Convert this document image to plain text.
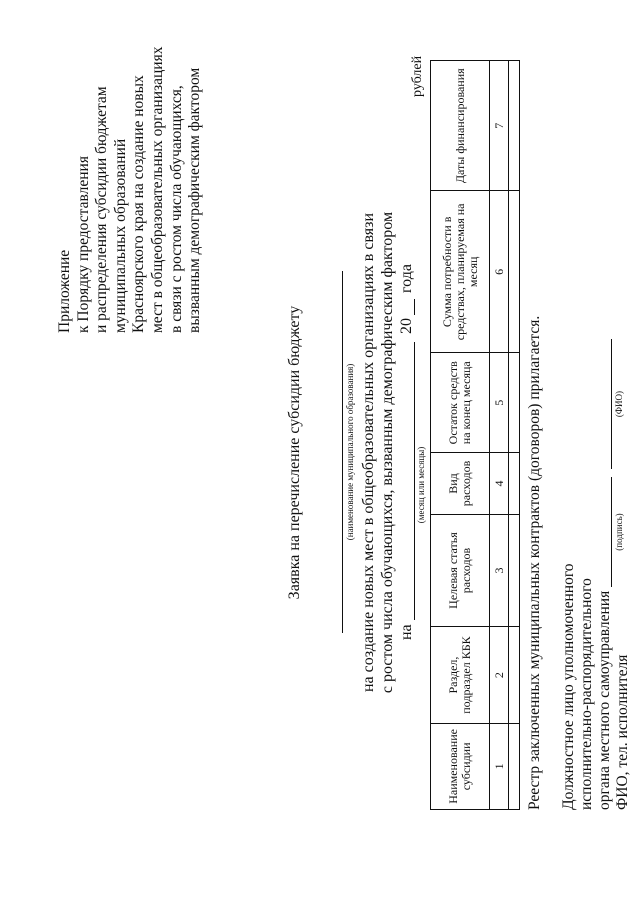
Приложение к Порядку предоставления и распределения субсидии бюджетам муниципальных образований Красноярского края на создание новых мест в общеобразовательных организациях в связи с ростом числа обучающихся, вызванным демографическим фактором
Заявка на перечисление субсидии бюджету	(наименование муниципального образования) на создание новых мест в общеобразовательных организациях в связи с ростом числа обучающихся, вызванным демографическим фактором на
20
года
(месяц или месяцы)
рублей
Наименование субсидии	Раздел, подраздел КБК	Целевая статья расходов	Вид расходов	Остаток средств на конец месяца	Сумма потребности в средствах, планируемая на месяц	Даты финансирования
1	2	3	4	5	6	7

Реестр заключенных муниципальных контрактов (договоров) прилагается. Должностное лицо уполномоченного исполнительно-распорядительного органа местного самоуправления
(подпись)
(ФИО)
ФИО, тел. исполнителя
